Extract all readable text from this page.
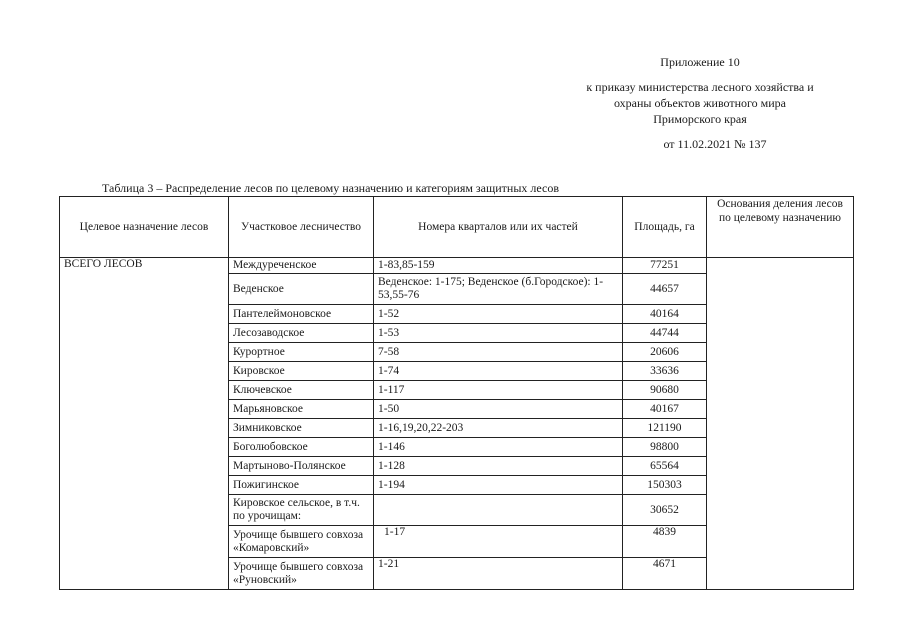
Приложение 10
к приказу министерства лесного хозяйства и
охраны объектов животного мира
Приморского края
от 11.02.2021 № 137
Таблица 3 – Распределение лесов по целевому назначению и категориям защитных лесов
Целевое назначение лесов	Участковое лесничество	Номера кварталов или их частей	Площадь, га	Основания деления лесов по целевому назначению
ВСЕГО ЛЕСОВ	Междуреченское	1-83,85-159	77251	
	Веденское	Веденское: 1-175; Веденское (б.Городское): 1-53,55-76	44657	
	Пантелеймоновское	1-52	40164	
	Лесозаводское	1-53	44744	
	Курортное	7-58	20606	
	Кировское	1-74	33636	
	Ключевское	1-117	90680	
	Марьяновское	1-50	40167	
	Зимниковское	1-16,19,20,22-203	121190	
	Боголюбовское	1-146	98800	
	Мартыново-Полянское	1-128	65564	
	Пожигинское	1-194	150303	
	Кировское сельское, в т.ч. по урочищам:		30652	
	Урочище бывшего совхоза «Комаровский»	1-17	4839	
	Урочище бывшего совхоза «Руновский»	1-21	4671	
